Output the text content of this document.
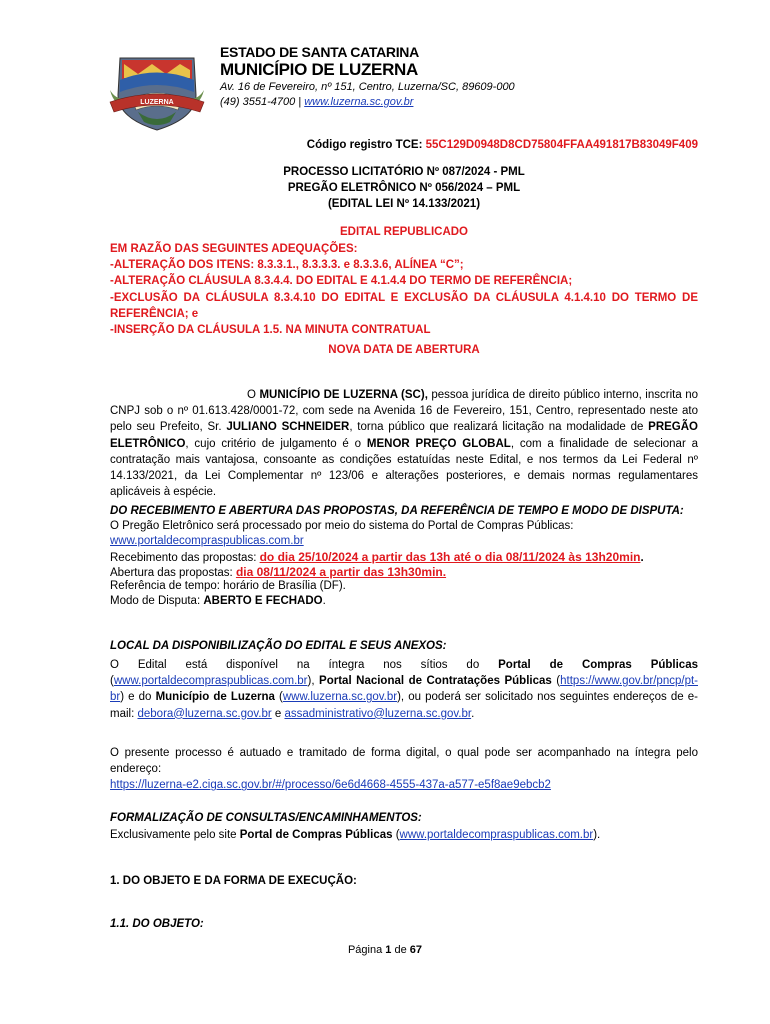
LUZERNA
ESTADO DE SANTA CATARINA
MUNICÍPIO DE LUZERNA
Av. 16 de Fevereiro, nº 151, Centro, Luzerna/SC, 89609-000
(49) 3551-4700 | www.luzerna.sc.gov.br
Código registro TCE: 55C129D0948D8CD75804FFAA491817B83049F409
PROCESSO LICITATÓRIO Nº 087/2024 - PML
PREGÃO ELETRÔNICO Nº 056/2024 – PML
(EDITAL LEI Nº 14.133/2021)
EDITAL REPUBLICADO
EM RAZÃO DAS SEGUINTES ADEQUAÇÕES:
-ALTERAÇÃO DOS ITENS: 8.3.3.1., 8.3.3.3. e 8.3.3.6, ALÍNEA “C”;
-ALTERAÇÃO CLÁUSULA 8.3.4.4. DO EDITAL E 4.1.4.4 DO TERMO DE REFERÊNCIA;
-EXCLUSÃO DA CLÁUSULA 8.3.4.10 DO EDITAL E EXCLUSÃO DA CLÁUSULA 4.1.4.10 DO TERMO DE REFERÊNCIA; e
-INSERÇÃO DA CLÁUSULA 1.5. NA MINUTA CONTRATUAL
NOVA DATA DE ABERTURA
O MUNICÍPIO DE LUZERNA (SC), pessoa jurídica de direito público interno, inscrita no CNPJ sob o nº 01.613.428/0001-72, com sede na Avenida 16 de Fevereiro, 151, Centro, representado neste ato pelo seu Prefeito, Sr. JULIANO SCHNEIDER, torna público que realizará licitação na modalidade de PREGÃO ELETRÔNICO, cujo critério de julgamento é o MENOR PREÇO GLOBAL, com a finalidade de selecionar a contratação mais vantajosa, consoante as condições estatuídas neste Edital, e nos termos da Lei Federal nº 14.133/2021, da Lei Complementar nº 123/06 e alterações posteriores, e demais normas regulamentares aplicáveis à espécie.
DO RECEBIMENTO E ABERTURA DAS PROPOSTAS, DA REFERÊNCIA DE TEMPO E MODO DE DISPUTA:
O Pregão Eletrônico será processado por meio do sistema do Portal de Compras Públicas:
www.portaldecompraspublicas.com.br
Recebimento das propostas: do dia 25/10/2024 a partir das 13h até o dia 08/11/2024 às 13h20min.
Abertura das propostas: dia 08/11/2024 a partir das 13h30min.
Referência de tempo: horário de Brasília (DF).
Modo de Disputa: ABERTO E FECHADO.
LOCAL DA DISPONIBILIZAÇÃO DO EDITAL E SEUS ANEXOS:
O Edital está disponível na íntegra nos sítios do Portal de Compras Públicas (www.portaldecompraspublicas.com.br), Portal Nacional de Contratações Públicas (https://www.gov.br/pncp/pt-br) e do Município de Luzerna (www.luzerna.sc.gov.br), ou poderá ser solicitado nos seguintes endereços de e-mail: debora@luzerna.sc.gov.br e assadministrativo@luzerna.sc.gov.br.
O presente processo é autuado e tramitado de forma digital, o qual pode ser acompanhado na íntegra pelo endereço:
https://luzerna-e2.ciga.sc.gov.br/#/processo/6e6d4668-4555-437a-a577-e5f8ae9ebcb2
FORMALIZAÇÃO DE CONSULTAS/ENCAMINHAMENTOS:
Exclusivamente pelo site Portal de Compras Públicas (www.portaldecompraspublicas.com.br).
1. DO OBJETO E DA FORMA DE EXECUÇÃO:
1.1. DO OBJETO:
Página 1 de 67
